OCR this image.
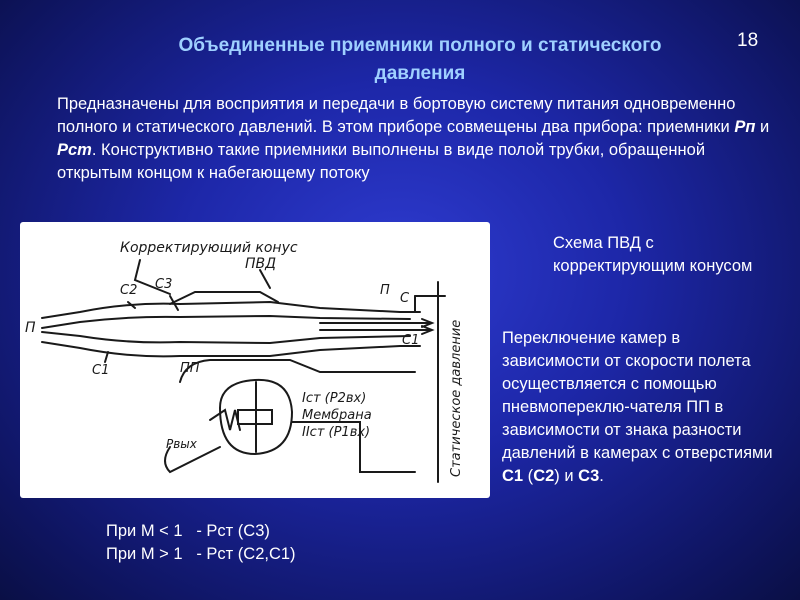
18
Объединенные приемники полного и статического
давления

Предназначены для восприятия и передачи в бортовую систему питания одновременно полного и статического давлений. В этом приборе совмещены два прибора: приемники Рп и Рст. Конструктивно такие приемники выполнены в виде полой трубки, обращенной открытым концом к набегающему потоку

Корректирующий конус
ПВД
С2 С3
П
С1	ПП
П
С
С1
Iст (Р2вх)
Мембрана
IIст (Р1вх)
Рвых	Статическое давление

Схема ПВД с корректирующим конусом

Переключение камер в зависимости от скорости полета осуществляется с помощью пневмопереклю-чателя ПП в зависимости от знака разности давлений в камерах с отверстиями С1 (С2) и С3.

При М < 1   - Рст (С3)
При М > 1   - Рст (С2,С1)
